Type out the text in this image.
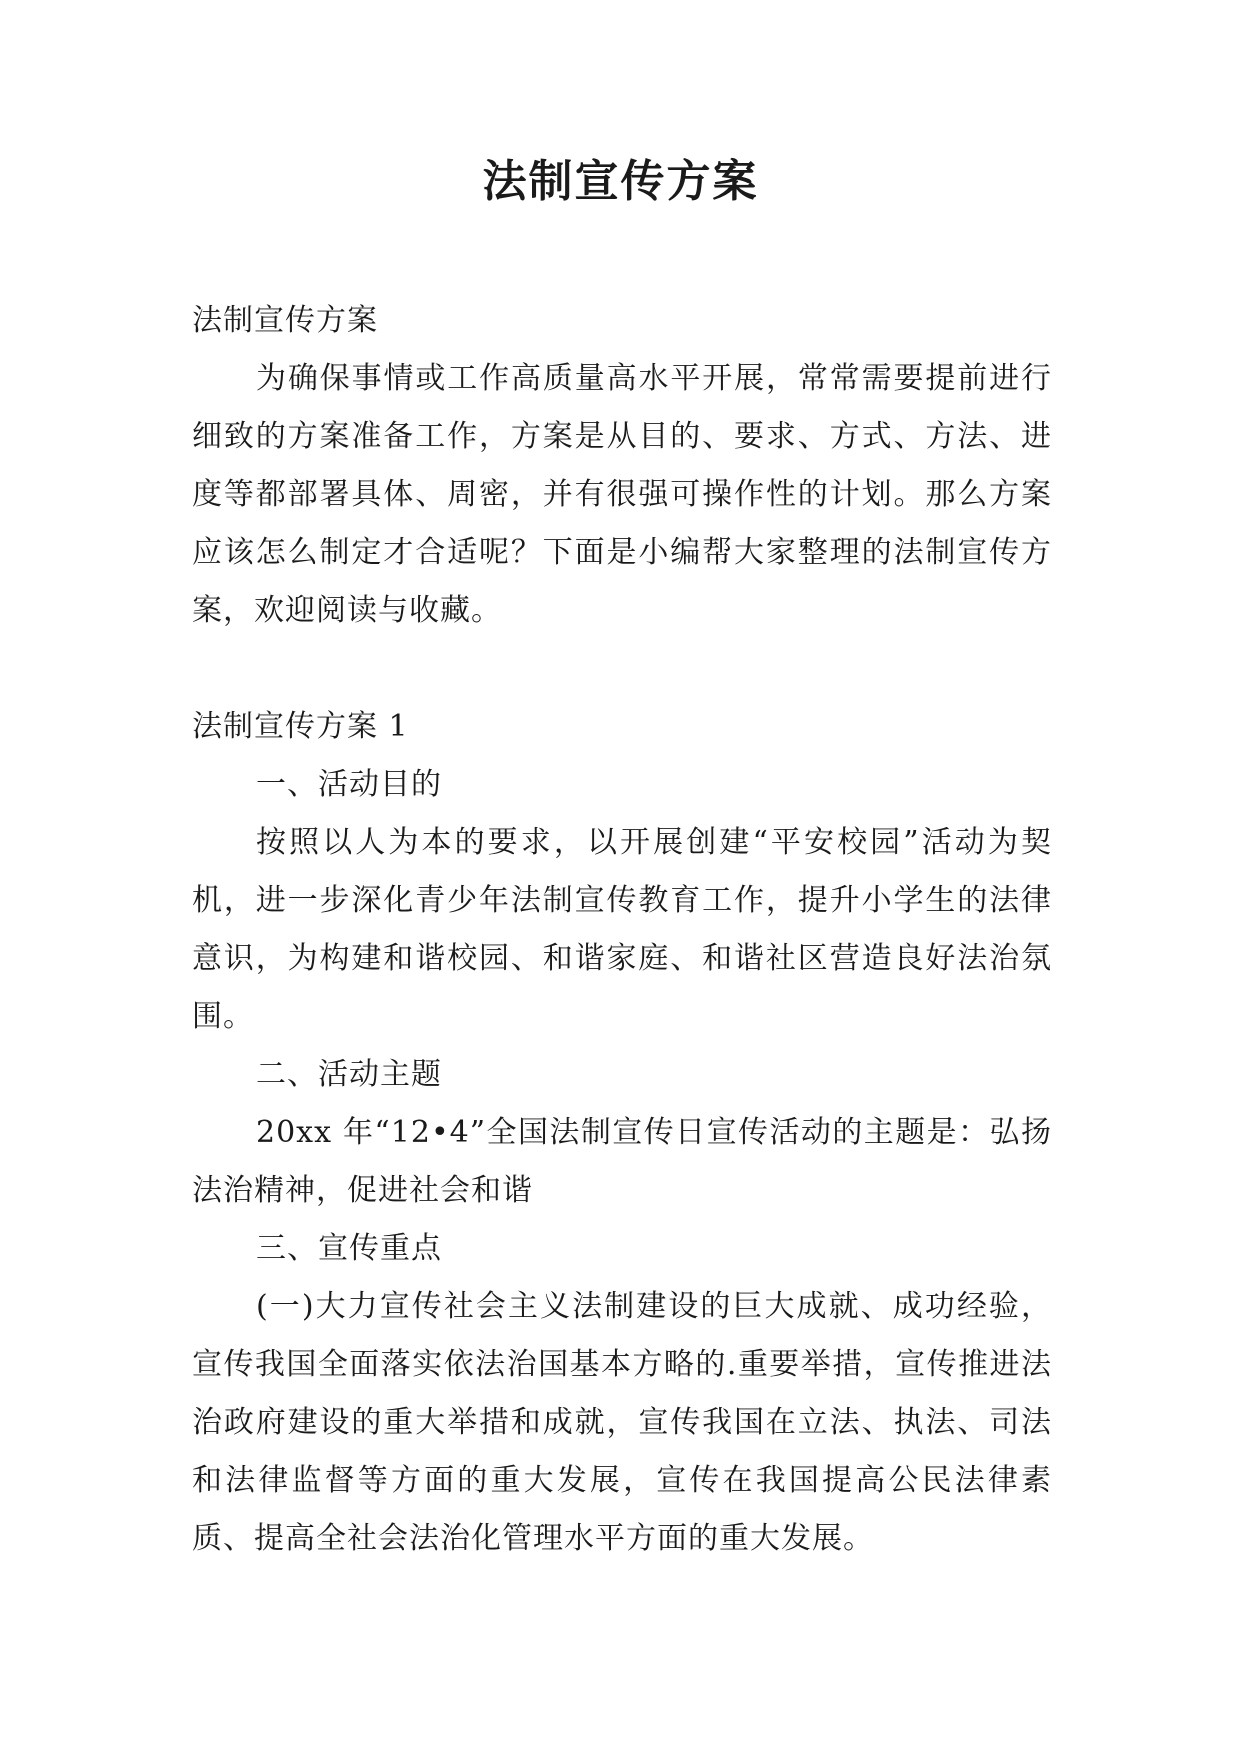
法制宣传方案

法制宣传方案

为确保事情或工作高质量高水平开展，常常需要提前进行细致的方案准备工作，方案是从目的、要求、方式、方法、进度等都部署具体、周密，并有很强可操作性的计划。那么方案应该怎么制定才合适呢？下面是小编帮大家整理的法制宣传方案，欢迎阅读与收藏。

法制宣传方案 1

一、活动目的

按照以人为本的要求，以开展创建“平安校园”活动为契机，进一步深化青少年法制宣传教育工作，提升小学生的法律意识，为构建和谐校园、和谐家庭、和谐社区营造良好法治氛围。

二、活动主题

20xx 年“12•4”全国法制宣传日宣传活动的主题是：弘扬法治精神，促进社会和谐

三、宣传重点

(一)大力宣传社会主义法制建设的巨大成就、成功经验，宣传我国全面落实依法治国基本方略的.重要举措，宣传推进法治政府建设的重大举措和成就，宣传我国在立法、执法、司法和法律监督等方面的重大发展，宣传在我国提高公民法律素质、提高全社会法治化管理水平方面的重大发展。
